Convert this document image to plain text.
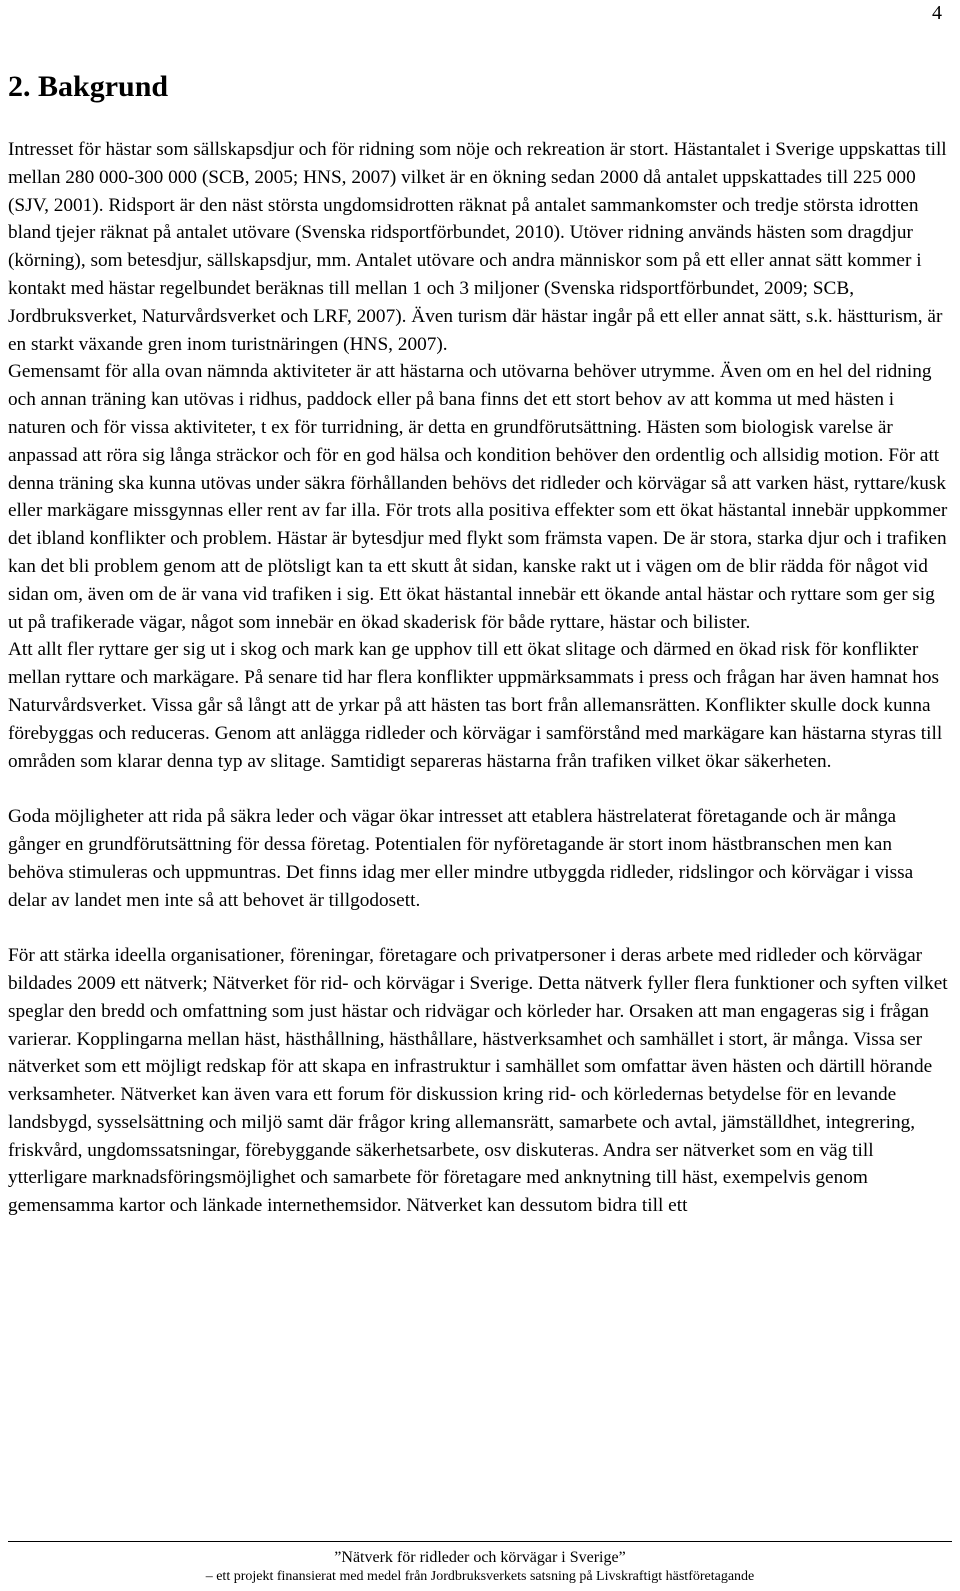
4
2. Bakgrund

Intresset för hästar som sällskapsdjur och för ridning som nöje och rekreation är stort. Hästantalet i Sverige uppskattas till mellan 280 000-300 000 (SCB, 2005; HNS, 2007) vilket är en ökning sedan 2000 då antalet uppskattades till 225 000 (SJV, 2001). Ridsport är den näst största ungdomsidrotten räknat på antalet sammankomster och tredje största idrotten bland tjejer räknat på antalet utövare (Svenska ridsportförbundet, 2010). Utöver ridning används hästen som dragdjur (körning), som betesdjur, sällskapsdjur, mm. Antalet utövare och andra människor som på ett eller annat sätt kommer i kontakt med hästar regelbundet beräknas till mellan 1 och 3 miljoner (Svenska ridsportförbundet, 2009; SCB, Jordbruksverket, Naturvårdsverket och LRF, 2007). Även turism där hästar ingår på ett eller annat sätt, s.k. hästturism, är en starkt växande gren inom turistnäringen (HNS, 2007).

Gemensamt för alla ovan nämnda aktiviteter är att hästarna och utövarna behöver utrymme. Även om en hel del ridning och annan träning kan utövas i ridhus, paddock eller på bana finns det ett stort behov av att komma ut med hästen i naturen och för vissa aktiviteter, t ex för turridning, är detta en grundförutsättning. Hästen som biologisk varelse är anpassad att röra sig långa sträckor och för en god hälsa och kondition behöver den ordentlig och allsidig motion. För att denna träning ska kunna utövas under säkra förhållanden behövs det ridleder och körvägar så att varken häst, ryttare/kusk eller markägare missgynnas eller rent av far illa. För trots alla positiva effekter som ett ökat hästantal innebär uppkommer det ibland konflikter och problem. Hästar är bytesdjur med flykt som främsta vapen. De är stora, starka djur och i trafiken kan det bli problem genom att de plötsligt kan ta ett skutt åt sidan, kanske rakt ut i vägen om de blir rädda för något vid sidan om, även om de är vana vid trafiken i sig. Ett ökat hästantal innebär ett ökande antal hästar och ryttare som ger sig ut på trafikerade vägar, något som innebär en ökad skaderisk för både ryttare, hästar och bilister.

Att allt fler ryttare ger sig ut i skog och mark kan ge upphov till ett ökat slitage och därmed en ökad risk för konflikter mellan ryttare och markägare. På senare tid har flera konflikter uppmärksammats i press och frågan har även hamnat hos Naturvårdsverket. Vissa går så långt att de yrkar på att hästen tas bort från allemansrätten. Konflikter skulle dock kunna förebyggas och reduceras. Genom att anlägga ridleder och körvägar i samförstånd med markägare kan hästarna styras till områden som klarar denna typ av slitage. Samtidigt separeras hästarna från trafiken vilket ökar säkerheten.

Goda möjligheter att rida på säkra leder och vägar ökar intresset att etablera hästrelaterat företagande och är många gånger en grundförutsättning för dessa företag. Potentialen för nyföretagande är stort inom hästbranschen men kan behöva stimuleras och uppmuntras. Det finns idag mer eller mindre utbyggda ridleder, ridslingor och körvägar i vissa delar av landet men inte så att behovet är tillgodosett.

För att stärka ideella organisationer, föreningar, företagare och privatpersoner i deras arbete med ridleder och körvägar bildades 2009 ett nätverk; Nätverket för rid- och körvägar i Sverige. Detta nätverk fyller flera funktioner och syften vilket speglar den bredd och omfattning som just hästar och ridvägar och körleder har. Orsaken att man engageras sig i frågan varierar. Kopplingarna mellan häst, hästhållning, hästhållare, hästverksamhet och samhället i stort, är många. Vissa ser nätverket som ett möjligt redskap för att skapa en infrastruktur i samhället som omfattar även hästen och därtill hörande verksamheter. Nätverket kan även vara ett forum för diskussion kring rid- och körledernas betydelse för en levande landsbygd, sysselsättning och miljö samt där frågor kring allemansrätt, samarbete och avtal, jämställdhet, integrering, friskvård, ungdomssatsningar, förebyggande säkerhetsarbete, osv diskuteras. Andra ser nätverket som en väg till ytterligare marknadsföringsmöjlighet och samarbete för företagare med anknytning till häst, exempelvis genom gemensamma kartor och länkade internethemsidor. Nätverket kan dessutom bidra till ett

”Nätverk för ridleder och körvägar i Sverige”
– ett projekt finansierat med medel från Jordbruksverkets satsning på Livskraftigt hästföretagande
